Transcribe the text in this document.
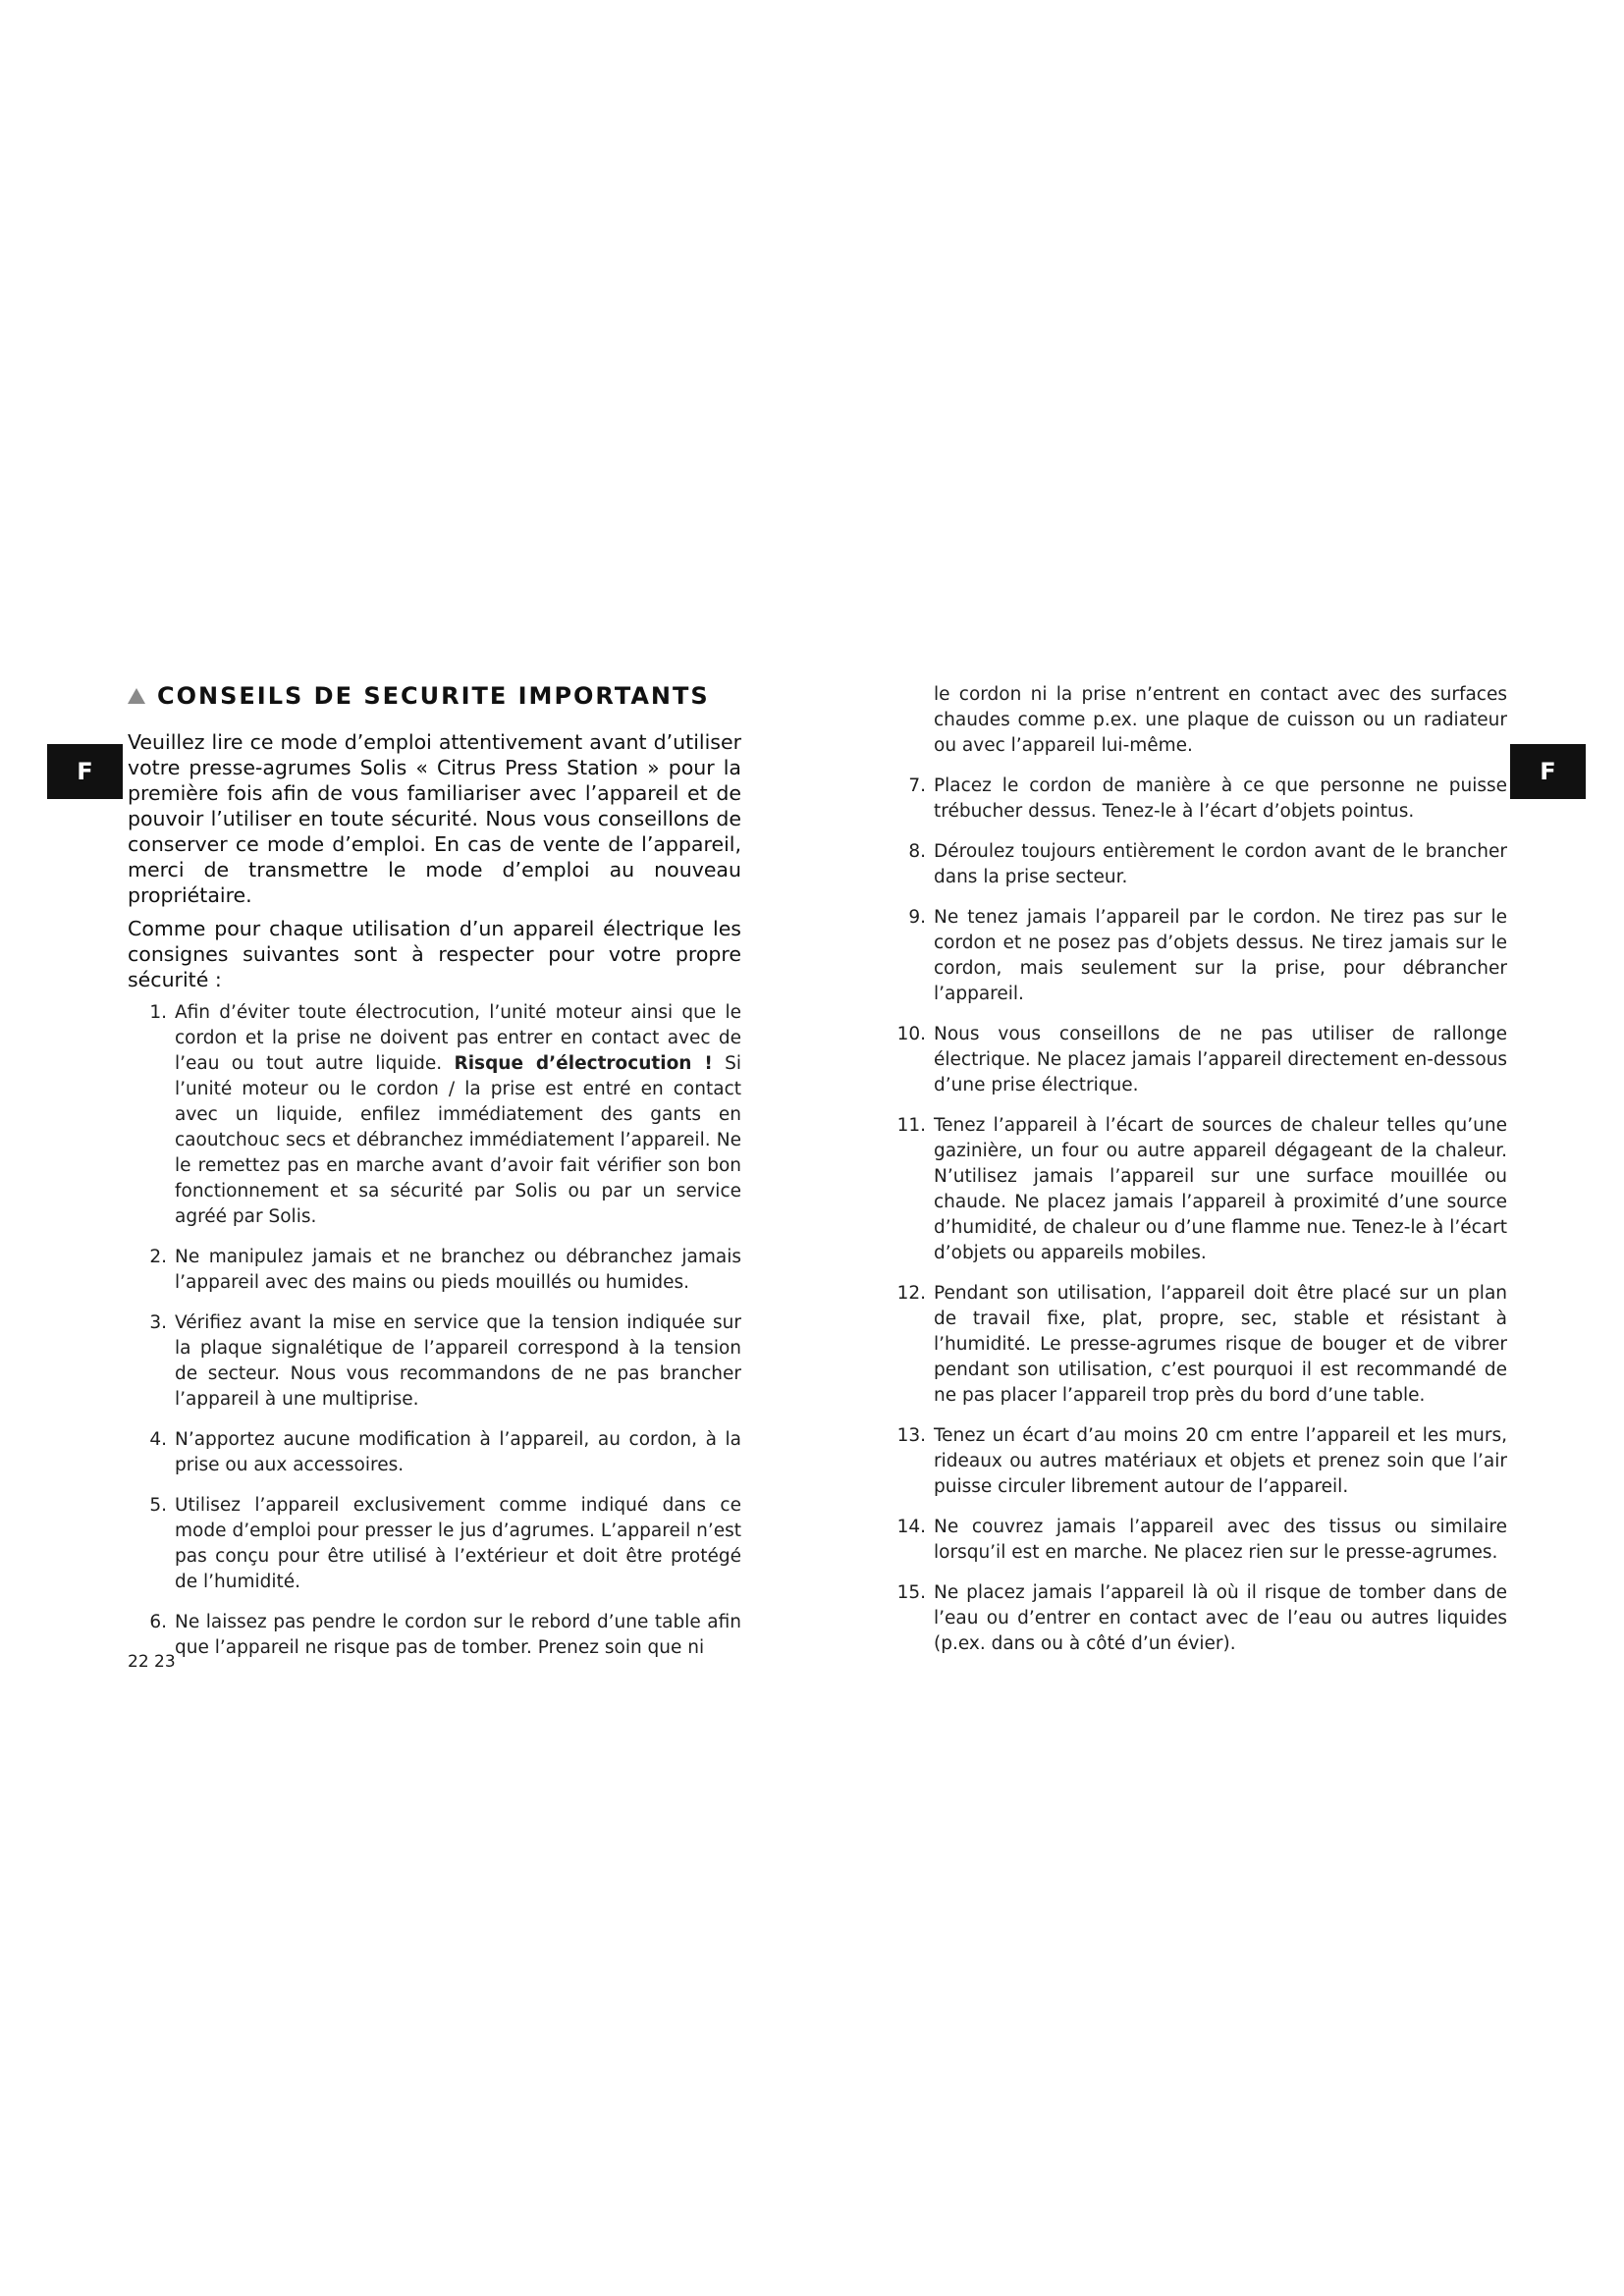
F	F
CONSEILS DE SECURITE IMPORTANTS

Veuillez lire ce mode d’emploi attentivement avant d’utiliser votre presse-agrumes Solis « Citrus Press Station » pour la première fois afin de vous familiariser avec l’appareil et de pouvoir l’utiliser en toute sécurité. Nous vous conseillons de conserver ce mode d’emploi. En cas de vente de l’appareil, merci de transmettre le mode d’emploi au nouveau propriétaire.

Comme pour chaque utilisation d’un appareil électrique les consignes suivantes sont à respecter pour votre propre sécurité :

1. Afin d’éviter toute électrocution, l’unité moteur ainsi que le cordon et la prise ne doivent pas entrer en contact avec de l’eau ou tout autre liquide. Risque d’électrocution ! Si l’unité moteur ou le cordon / la prise est entré en contact avec un liquide, enfilez immédiatement des gants en caoutchouc secs et débranchez immédiatement l’appareil. Ne le remettez pas en marche avant d’avoir fait vérifier son bon fonctionnement et sa sécurité par Solis ou par un service agréé par Solis.
2. Ne manipulez jamais et ne branchez ou débranchez jamais l’appareil avec des mains ou pieds mouillés ou humides.
3. Vérifiez avant la mise en service que la tension indiquée sur la plaque signalétique de l’appareil correspond à la tension de secteur. Nous vous recommandons de ne pas brancher l’appareil à une multiprise.
4. N’apportez aucune modification à l’appareil, au cordon, à la prise ou aux accessoires.
5. Utilisez l’appareil exclusivement comme indiqué dans ce mode d’emploi pour presser le jus d’agrumes. L’appareil n’est pas conçu pour être utilisé à l’extérieur et doit être protégé de l’humidité.
6. Ne laissez pas pendre le cordon sur le rebord d’une table afin que l’appareil ne risque pas de tomber. Prenez soin que ni
le cordon ni la prise n’entrent en contact avec des surfaces chaudes comme p.ex. une plaque de cuisson ou un radiateur ou avec l’appareil lui-même.
7. Placez le cordon de manière à ce que personne ne puisse trébucher dessus. Tenez-le à l’écart d’objets pointus.
8. Déroulez toujours entièrement le cordon avant de le brancher dans la prise secteur.
9. Ne tenez jamais l’appareil par le cordon. Ne tirez pas sur le cordon et ne posez pas d’objets dessus. Ne tirez jamais sur le cordon, mais seulement sur la prise, pour débrancher l’appareil.
10. Nous vous conseillons de ne pas utiliser de rallonge électrique. Ne placez jamais l’appareil directement en-dessous d’une prise électrique.
11. Tenez l’appareil à l’écart de sources de chaleur telles qu’une gazinière, un four ou autre appareil dégageant de la chaleur. N’utilisez jamais l’appareil sur une surface mouillée ou chaude. Ne placez jamais l’appareil à proximité d’une source d’humidité, de chaleur ou d’une flamme nue. Tenez-le à l’écart d’objets ou appareils mobiles.
12. Pendant son utilisation, l’appareil doit être placé sur un plan de travail fixe, plat, propre, sec, stable et résistant à l’humidité. Le presse-agrumes risque de bouger et de vibrer pendant son utilisation, c’est pourquoi il est recommandé de ne pas placer l’appareil trop près du bord d’une table.
13. Tenez un écart d’au moins 20 cm entre l’appareil et les murs, rideaux ou autres matériaux et objets et prenez soin que l’air puisse circuler librement autour de l’appareil.
14. Ne couvrez jamais l’appareil avec des tissus ou similaire lorsqu’il est en marche. Ne placez rien sur le presse-agrumes.
15. Ne placez jamais l’appareil là où il risque de tomber dans de l’eau ou d’entrer en contact avec de l’eau ou autres liquides (p.ex. dans ou à côté d’un évier).
22 23
